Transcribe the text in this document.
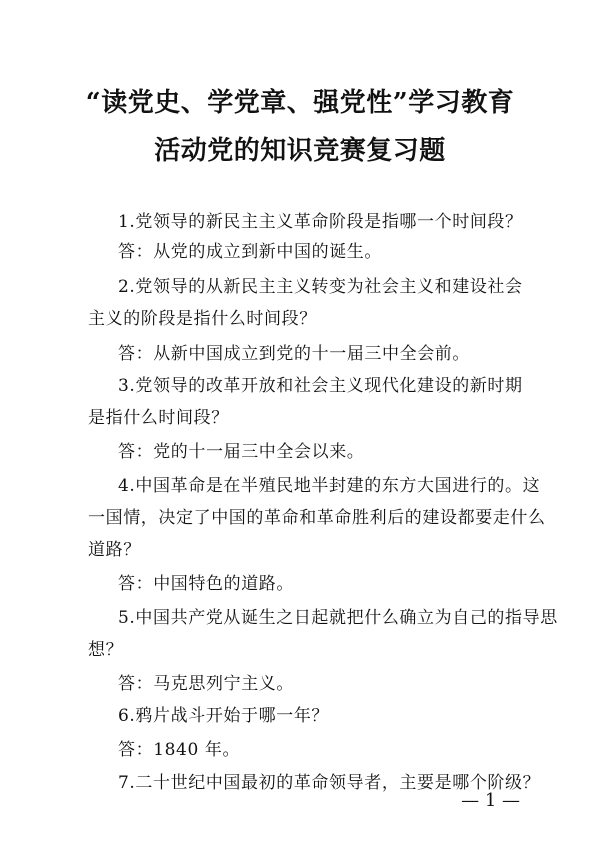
“读党史、学党章、强党性”学习教育
活动党的知识竞赛复习题
1.党领导的新民主主义革命阶段是指哪一个时间段？
答：从党的成立到新中国的诞生。
2.党领导的从新民主主义转变为社会主义和建设社会
主义的阶段是指什么时间段？
答：从新中国成立到党的十一届三中全会前。
3.党领导的改革开放和社会主义现代化建设的新时期
是指什么时间段？
答：党的十一届三中全会以来。
4.中国革命是在半殖民地半封建的东方大国进行的。这
一国情，决定了中国的革命和革命胜利后的建设都要走什么
道路？
答：中国特色的道路。
5.中国共产党从诞生之日起就把什么确立为自己的指导思
想？
答：马克思列宁主义。
6.鸦片战斗开始于哪一年？
答：1840 年。
7.二十世纪中国最初的革命领导者，主要是哪个阶级？
— 1 —
